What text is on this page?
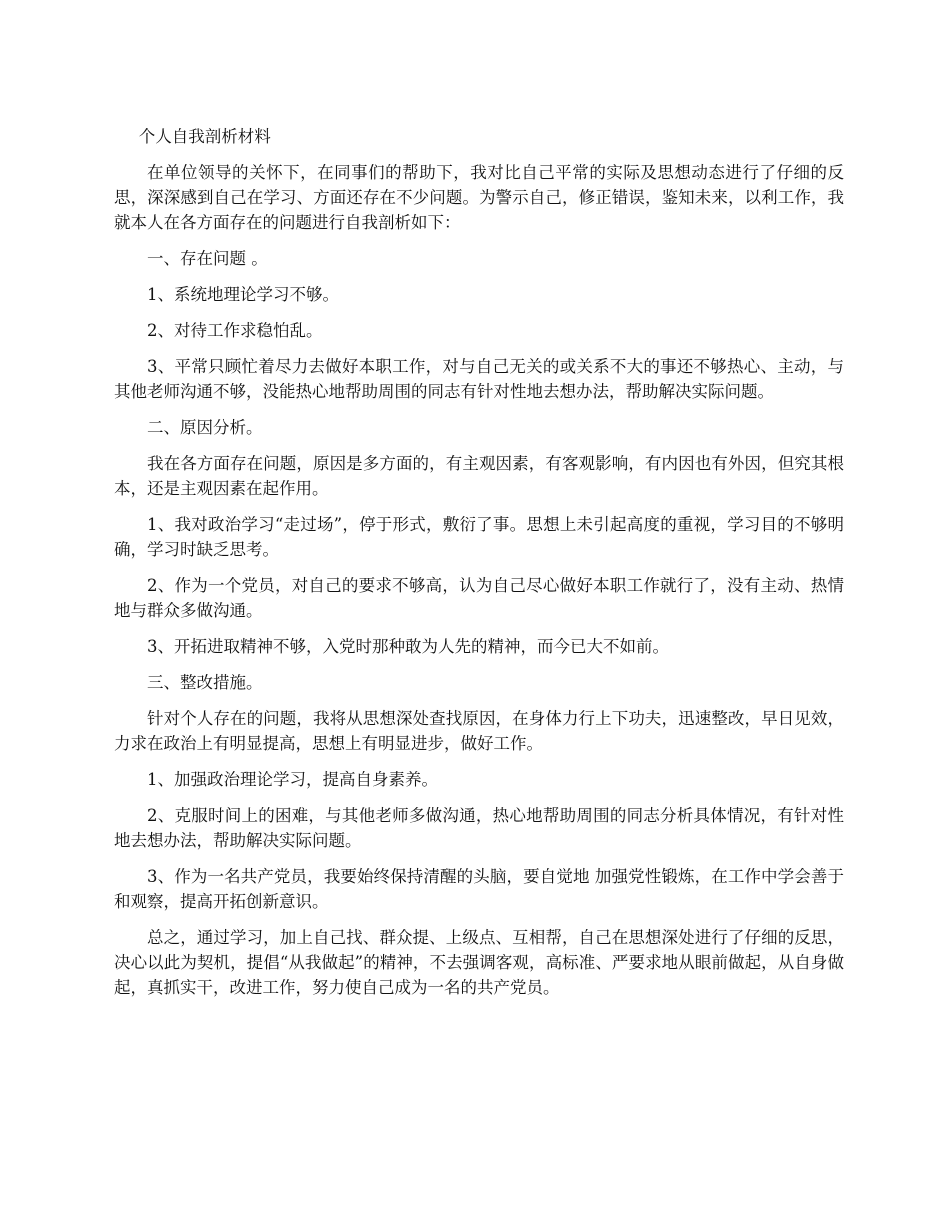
个人自我剖析材料

在单位领导的关怀下，在同事们的帮助下，我对比自己平常的实际及思想动态进行了仔细的反思，深深感到自己在学习、方面还存在不少问题。为警示自己，修正错误，鉴知未来，以利工作，我就本人在各方面存在的问题进行自我剖析如下：

一、存在问题 。

1、系统地理论学习不够。

2、对待工作求稳怕乱。

3、平常只顾忙着尽力去做好本职工作，对与自己无关的或关系不大的事还不够热心、主动，与其他老师沟通不够，没能热心地帮助周围的同志有针对性地去想办法，帮助解决实际问题。

二、原因分析。

我在各方面存在问题，原因是多方面的，有主观因素，有客观影响，有内因也有外因，但究其根本，还是主观因素在起作用。

1、我对政治学习“走过场”，停于形式，敷衍了事。思想上未引起高度的重视，学习目的不够明确，学习时缺乏思考。

2、作为一个党员，对自己的要求不够高，认为自己尽心做好本职工作就行了，没有主动、热情地与群众多做沟通。

3、开拓进取精神不够，入党时那种敢为人先的精神，而今已大不如前。

三、整改措施。

针对个人存在的问题，我将从思想深处查找原因，在身体力行上下功夫，迅速整改，早日见效，力求在政治上有明显提高，思想上有明显进步，做好工作。

1、加强政治理论学习，提高自身素养。

2、克服时间上的困难，与其他老师多做沟通，热心地帮助周围的同志分析具体情况，有针对性地去想办法，帮助解决实际问题。

3、作为一名共产党员，我要始终保持清醒的头脑，要自觉地 加强党性锻炼，在工作中学会善于和观察，提高开拓创新意识。

总之，通过学习，加上自己找、群众提、上级点、互相帮，自己在思想深处进行了仔细的反思，决心以此为契机，提倡“从我做起”的精神，不去强调客观，高标准、严要求地从眼前做起，从自身做起，真抓实干，改进工作，努力使自己成为一名的共产党员。
